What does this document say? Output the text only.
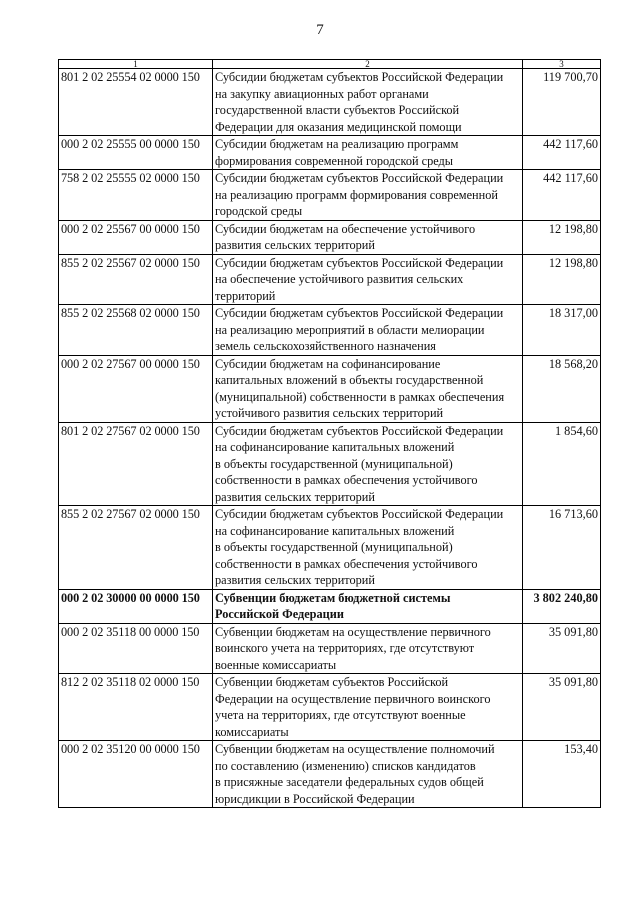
7
1	2	3
801 2 02 25554 02 0000 150	Субсидии бюджетам субъектов Российской Федерации
на закупку авиационных работ органами
государственной власти субъектов Российской
Федерации для оказания медицинской помощи	119 700,70
000 2 02 25555 00 0000 150	Субсидии бюджетам на реализацию программ
формирования современной городской среды	442 117,60
758 2 02 25555 02 0000 150	Субсидии бюджетам субъектов Российской Федерации
на реализацию программ формирования современной
городской среды	442 117,60
000 2 02 25567 00 0000 150	Субсидии бюджетам на обеспечение устойчивого
развития сельских территорий	12 198,80
855 2 02 25567 02 0000 150	Субсидии бюджетам субъектов Российской Федерации
на обеспечение устойчивого развития сельских
территорий	12 198,80
855 2 02 25568 02 0000 150	Субсидии бюджетам субъектов Российской Федерации
на реализацию мероприятий в области мелиорации
земель сельскохозяйственного назначения	18 317,00
000 2 02 27567 00 0000 150	Субсидии бюджетам на софинансирование
капитальных вложений в объекты государственной
(муниципальной) собственности в рамках обеспечения
устойчивого развития сельских территорий	18 568,20
801 2 02 27567 02 0000 150	Субсидии бюджетам субъектов Российской Федерации
на софинансирование капитальных вложений
в объекты государственной (муниципальной)
собственности в рамках обеспечения устойчивого
развития сельских территорий	1 854,60
855 2 02 27567 02 0000 150	Субсидии бюджетам субъектов Российской Федерации
на софинансирование капитальных вложений
в объекты государственной (муниципальной)
собственности в рамках обеспечения устойчивого
развития сельских территорий	16 713,60
000 2 02 30000 00 0000 150	Субвенции бюджетам бюджетной системы
Российской Федерации	3 802 240,80
000 2 02 35118 00 0000 150	Субвенции бюджетам на осуществление первичного
воинского учета на территориях, где отсутствуют
военные комиссариаты	35 091,80
812 2 02 35118 02 0000 150	Субвенции бюджетам субъектов Российской
Федерации на осуществление первичного воинского
учета на территориях, где отсутствуют военные
комиссариаты	35 091,80
000 2 02 35120 00 0000 150	Субвенции бюджетам на осуществление полномочий
по составлению (изменению) списков кандидатов
в присяжные заседатели федеральных судов общей
юрисдикции в Российской Федерации	153,40
